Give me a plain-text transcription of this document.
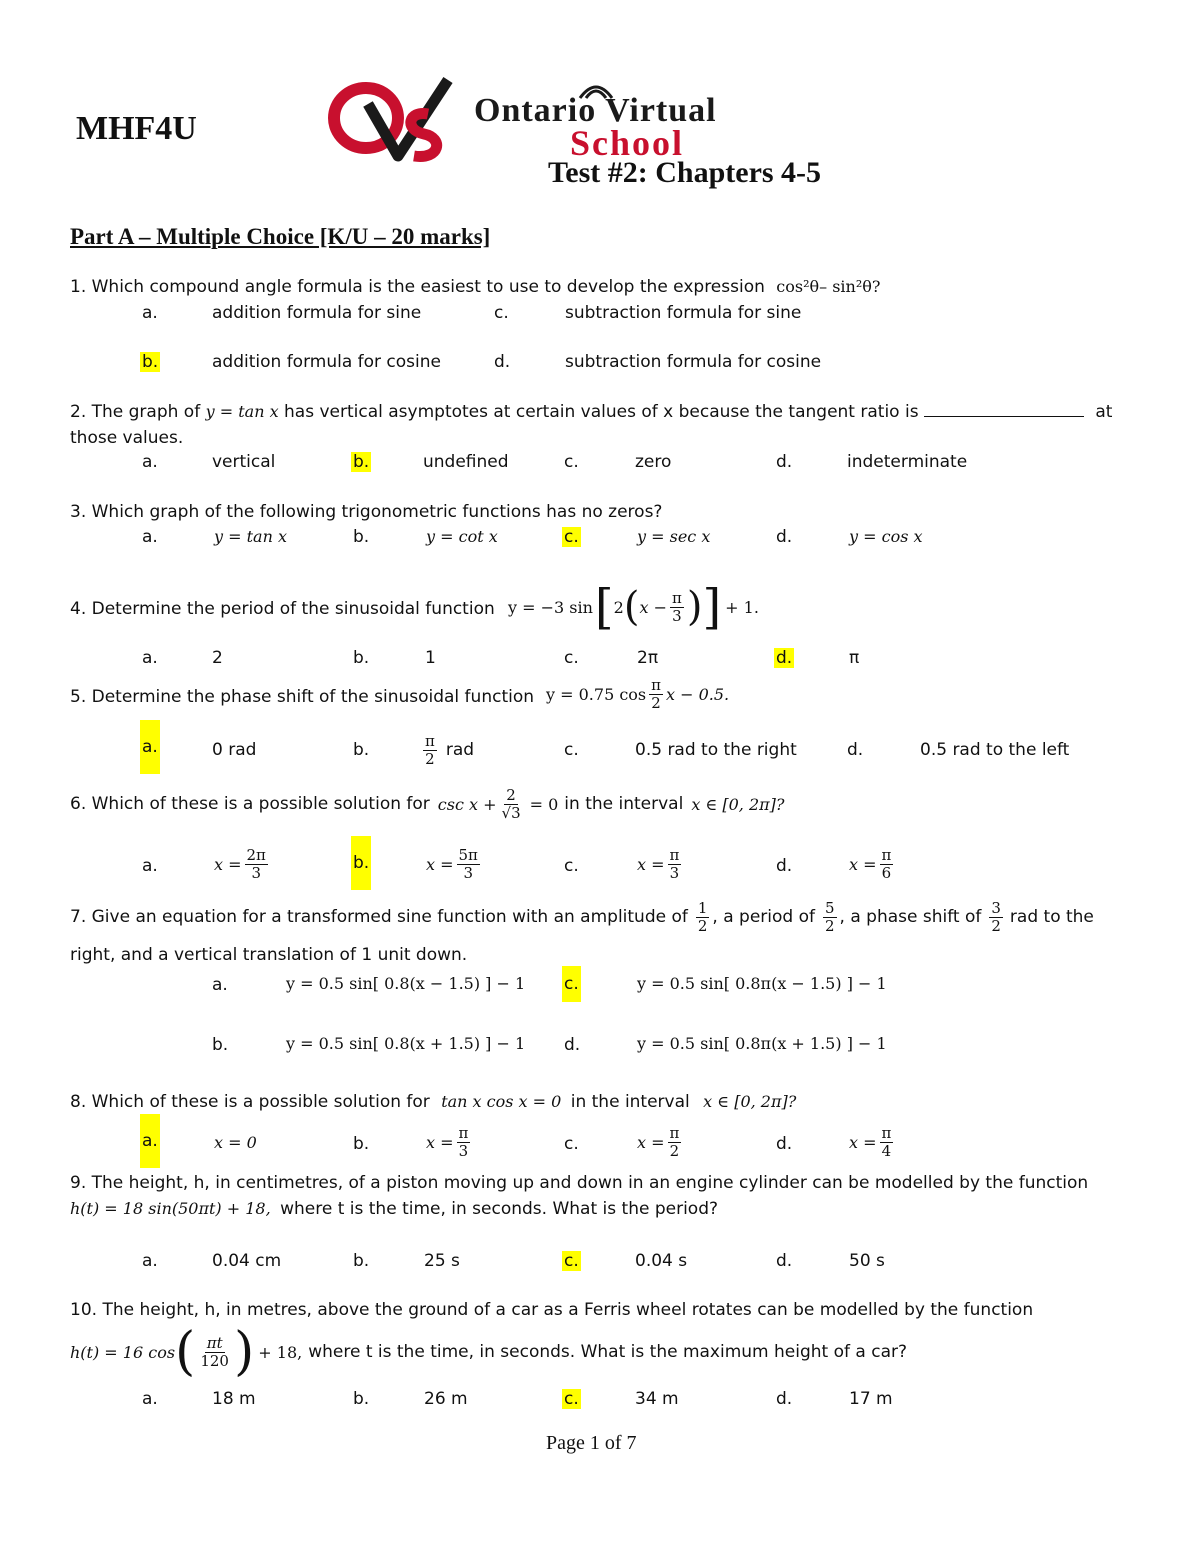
MHF4U	Ontario Virtual
School
Test #2: Chapters 4-5
Part A – Multiple Choice [K/U – 20 marks]
1. Which compound angle formula is the easiest to use to develop the expression cos²θ– sin²θ?
a.	addition formula for sine	c.	subtraction formula for sine
b.	addition formula for cosine	d.	subtraction formula for cosine
2. The graph of y = tan x has vertical asymptotes at certain values of x because the tangent ratio is	at
those values.
a.	vertical	b.	undefined	c.	zero	d.	indeterminate
3. Which graph of the following trigonometric functions has no zeros?
a.	y = tan x	b.	y = cot x	c.	y = sec x	d.	y = cos x
4. Determine the period of the sinusoidal function y = −3 sin [ 2 ( $x - \frac{\pi}{3}$ ) ] + 1.
a.	2	b.	1	c.	2π	d.	π
5. Determine the phase shift of the sinusoidal function y = 0.75 $\cos \frac{\pi}{2}$ x − 0.5.
a.	0 rad	b.	$\frac{\pi}{2}$ rad	c.	0.5 rad to the right	d.	0.5 rad to the left
6. Which of these is a possible solution for $\csc x + \frac{2}{√3} = 0$ in the interval x ∈ [0, 2π]?
a.	$x = \frac{2\pi}{3}$	b.	$x = \frac{5\pi}{3}$	c.	$x = \frac{\pi}{3}$	d.	$x = \frac{\pi}{6}$
7. Give an equation for a transformed sine function with an amplitude of $\frac{1}{2}$ , a period of $\frac{5}{2}$ , a phase shift of $\frac{3}{2}$ rad to the
right, and a vertical translation of 1 unit down.
a.	y = 0.5 sin[ 0.8(x − 1.5) ] − 1 c.	y = 0.5 sin[ 0.8π(x − 1.5) ] − 1
b.	y = 0.5 sin[ 0.8(x + 1.5) ] − 1 d.	y = 0.5 sin[ 0.8π(x + 1.5) ] − 1
8. Which of these is a possible solution for tan x cos x = 0 in the interval x ∈ [0, 2π]?
a.	x = 0	b.	$x = \frac{\pi}{3}$	c.	$x = \frac{\pi}{2}$	d.	$x = \frac{\pi}{4}$
9. The height, h, in centimetres, of a piston moving up and down in an engine cylinder can be modelled by the function
h(t) = 18 sin(50πt) + 18, where t is the time, in seconds. What is the period?
a.	0.04 cm	b.	25 s	c.	0.04 s	d.	50 s
10. The height, h, in metres, above the ground of a car as a Ferris wheel rotates can be modelled by the function
h(t) = 16 cos ( $\frac{\pi t}{120}$ ) + 18, where t is the time, in seconds. What is the maximum height of a car?
a.	18 m	b.	26 m	c.	34 m	d.	17 m
Page 1 of 7
